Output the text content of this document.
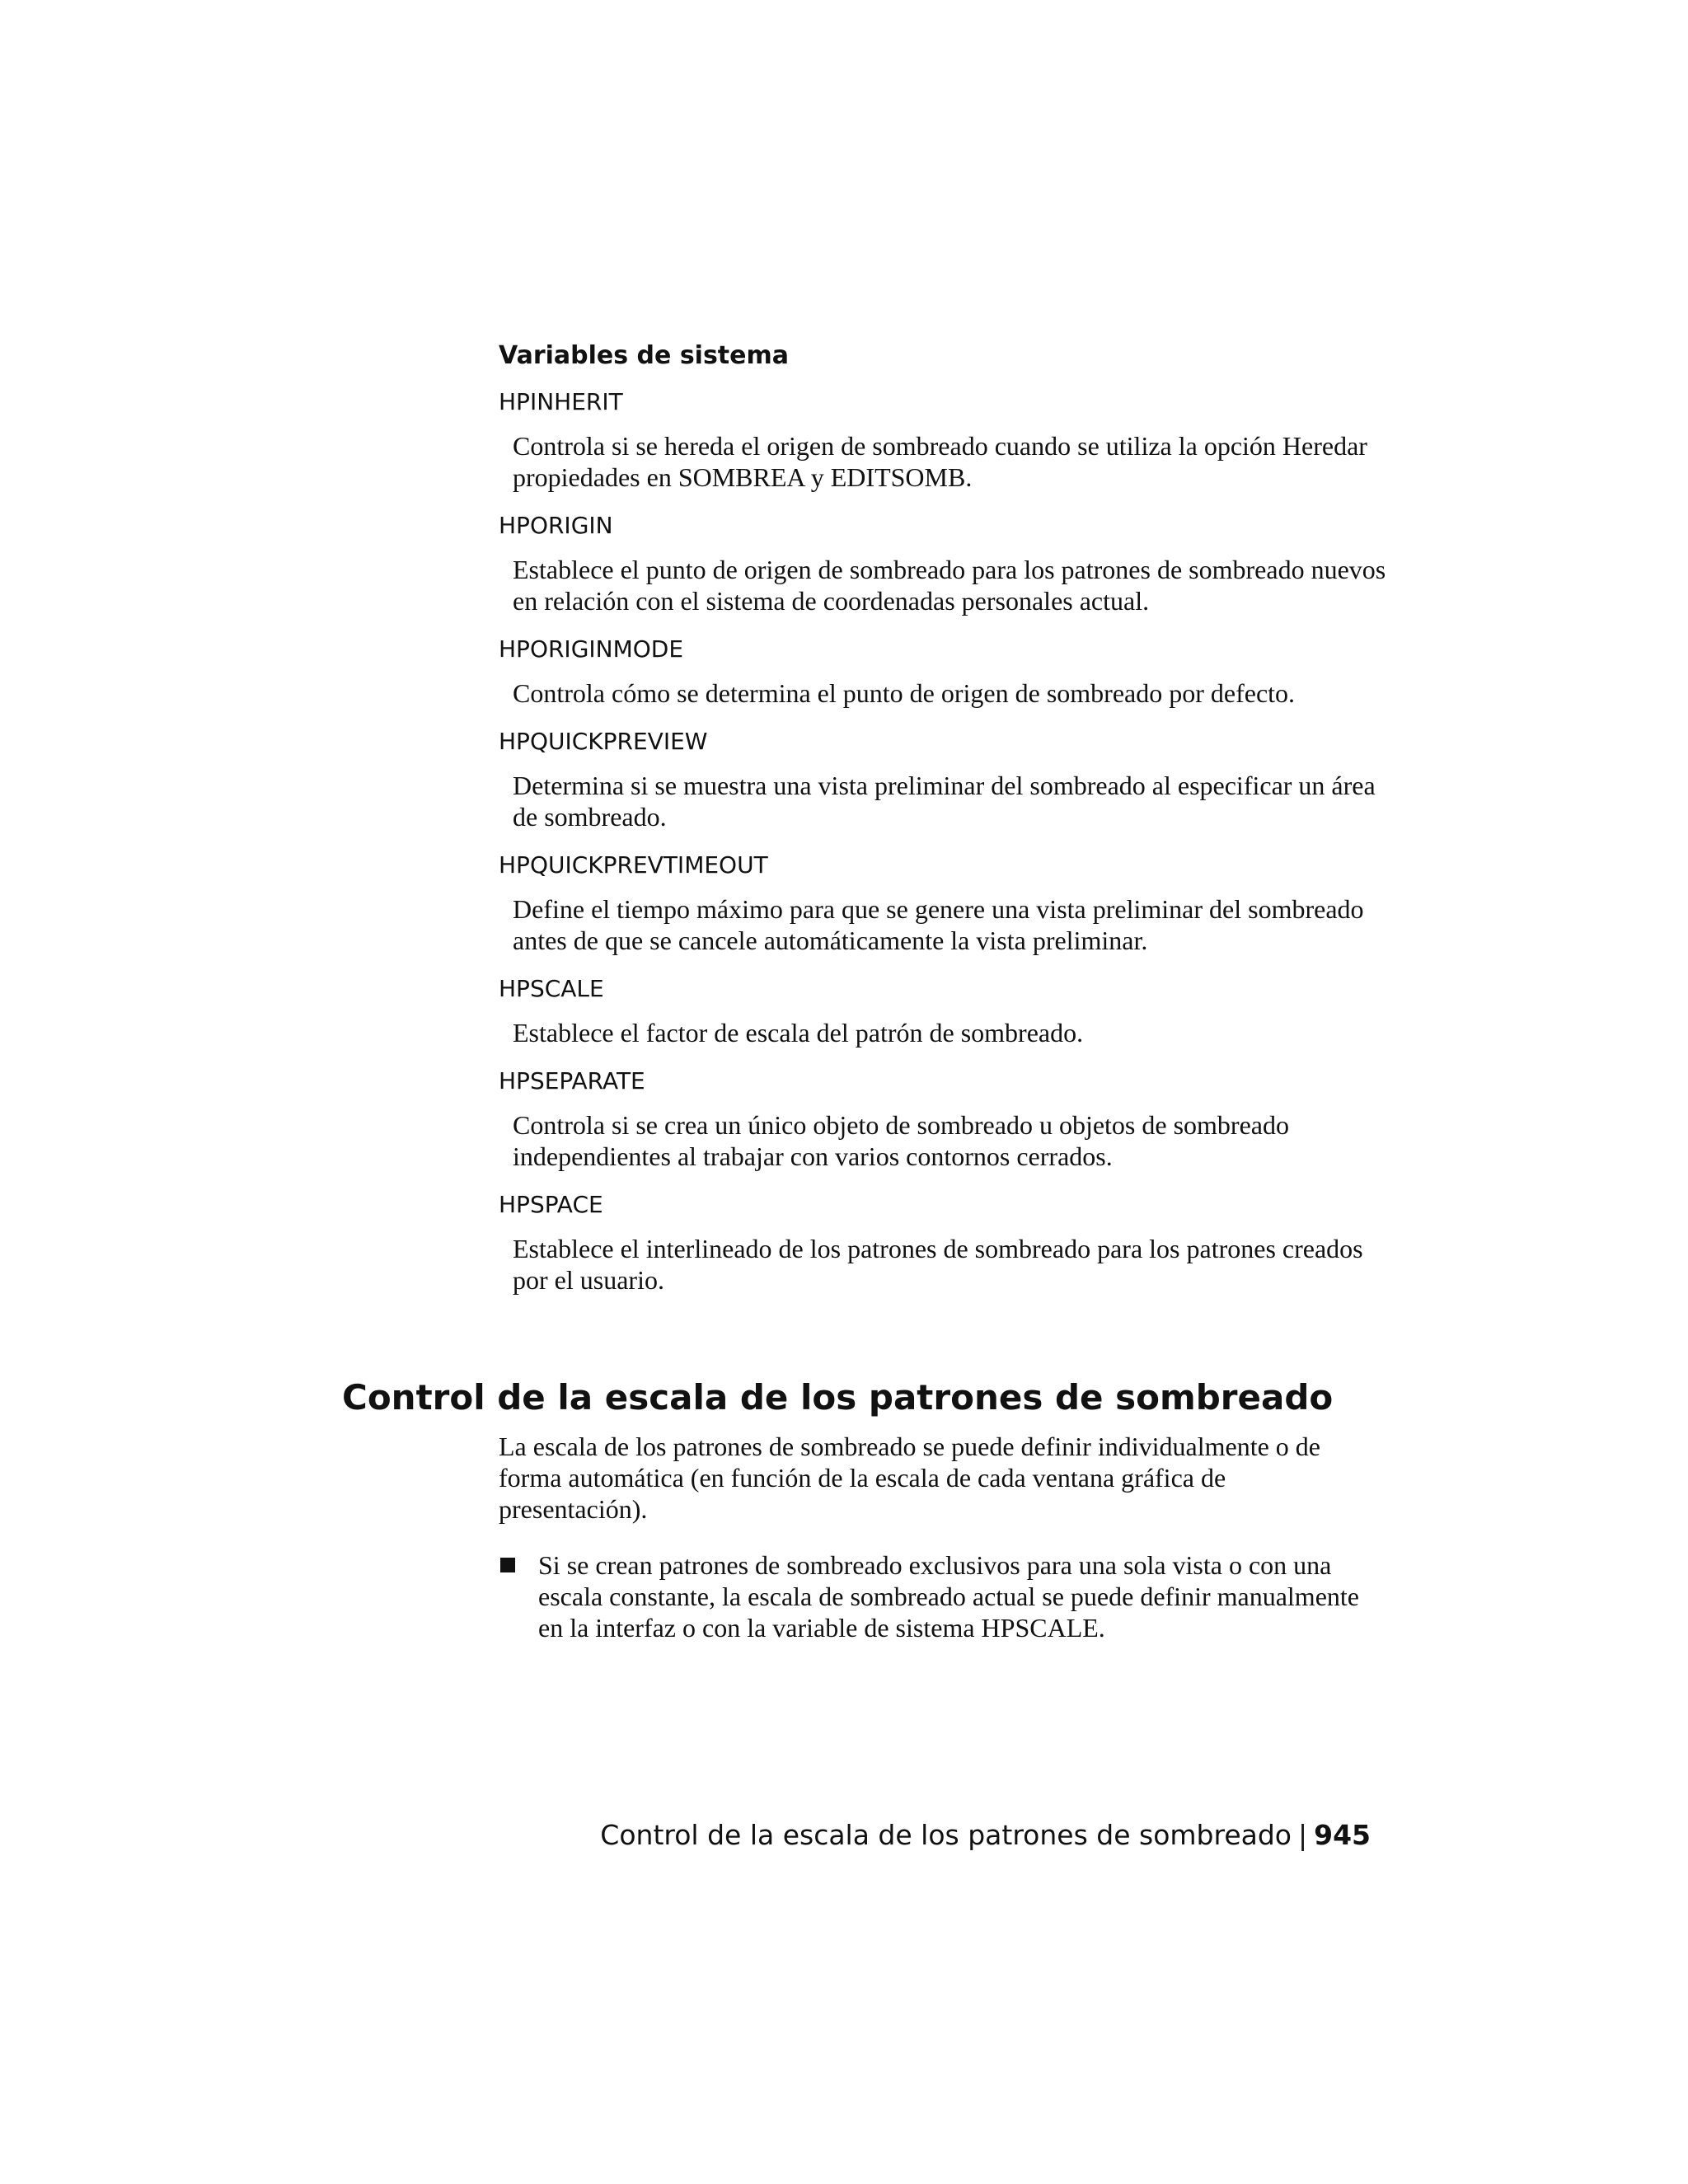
Variables de sistema
HPINHERIT
Controla si se hereda el origen de sombreado cuando se utiliza la opción Heredar propiedades en SOMBREA y EDITSOMB.
HPORIGIN
Establece el punto de origen de sombreado para los patrones de sombreado nuevos en relación con el sistema de coordenadas personales actual.
HPORIGINMODE
Controla cómo se determina el punto de origen de sombreado por defecto.
HPQUICKPREVIEW
Determina si se muestra una vista preliminar del sombreado al especificar un área de sombreado.
HPQUICKPREVTIMEOUT
Define el tiempo máximo para que se genere una vista preliminar del sombreado antes de que se cancele automáticamente la vista preliminar.
HPSCALE
Establece el factor de escala del patrón de sombreado.
HPSEPARATE
Controla si se crea un único objeto de sombreado u objetos de sombreado independientes al trabajar con varios contornos cerrados.
HPSPACE
Establece el interlineado de los patrones de sombreado para los patrones creados por el usuario.
Control de la escala de los patrones de sombreado

La escala de los patrones de sombreado se puede definir individualmente o de forma automática (en función de la escala de cada ventana gráfica de presentación).

Si se crean patrones de sombreado exclusivos para una sola vista o con una escala constante, la escala de sombreado actual se puede definir manualmente en la interfaz o con la variable de sistema HPSCALE.
Control de la escala de los patrones de sombreado | 945
